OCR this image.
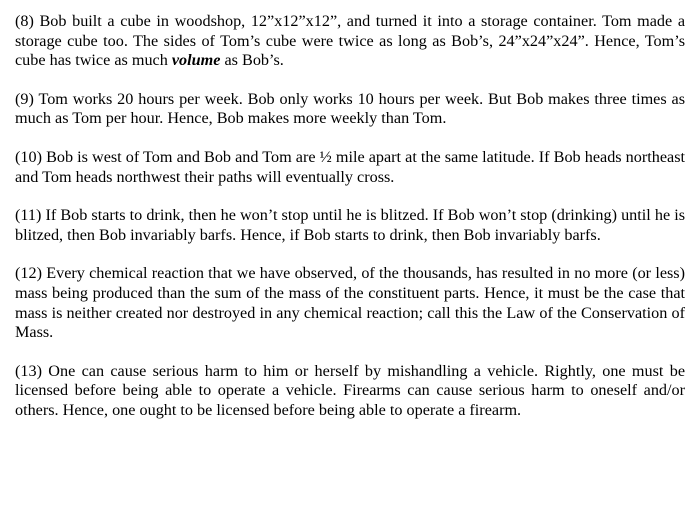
(8) Bob built a cube in woodshop, 12”x12”x12”, and turned it into a storage container. Tom made a storage cube too. The sides of Tom’s cube were twice as long as Bob’s, 24”x24”x24”. Hence, Tom’s cube has twice as much volume as Bob’s.

(9) Tom works 20 hours per week. Bob only works 10 hours per week. But Bob makes three times as much as Tom per hour. Hence, Bob makes more weekly than Tom.

(10) Bob is west of Tom and Bob and Tom are ½ mile apart at the same latitude. If Bob heads northeast and Tom heads northwest their paths will eventually cross.

(11) If Bob starts to drink, then he won’t stop until he is blitzed. If Bob won’t stop (drinking) until he is blitzed, then Bob invariably barfs. Hence, if Bob starts to drink, then Bob invariably barfs.

(12) Every chemical reaction that we have observed, of the thousands, has resulted in no more (or less) mass being produced than the sum of the mass of the constituent parts. Hence, it must be the case that mass is neither created nor destroyed in any chemical reaction; call this the Law of the Conservation of Mass.

(13) One can cause serious harm to him or herself by mishandling a vehicle. Rightly, one must be licensed before being able to operate a vehicle. Firearms can cause serious harm to oneself and/or others. Hence, one ought to be licensed before being able to operate a firearm.
